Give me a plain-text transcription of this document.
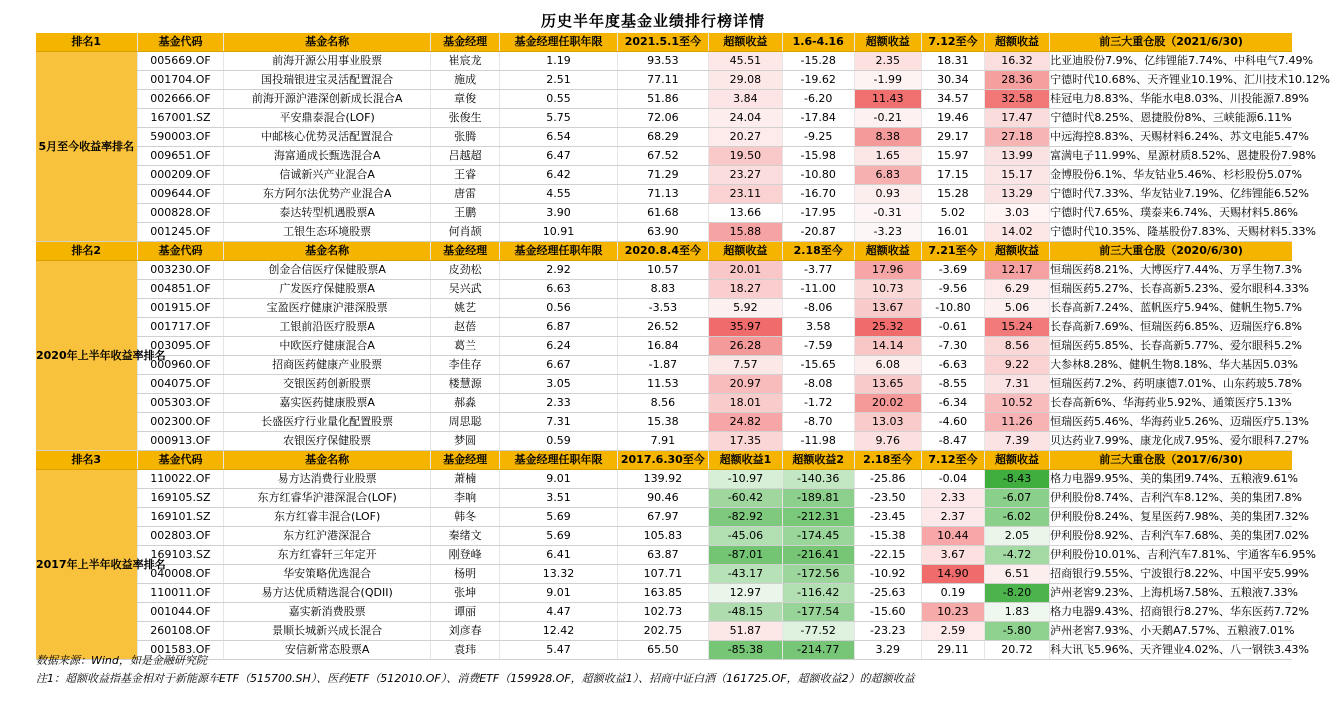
历史半年度基金业绩排行榜详情
排名1	基金代码	基金名称	基金经理	基金经理任职年限	2021.5.1至今	超额收益	1.6-4.16	超额收益	7.12至今	超额收益	前三大重仓股（2021/6/30)
5月至今收益率排名	005669.OF	前海开源公用事业股票	崔宸龙	1.19	93.53	45.51	-15.28	2.35	18.31	16.32	比亚迪股份7.9%、亿纬锂能7.74%、中科电气7.49%
	001704.OF	国投瑞银进宝灵活配置混合	施成	2.51	77.11	29.08	-19.62	-1.99	30.34	28.36	宁德时代10.68%、天齐锂业10.19%、汇川技术10.12%
	002666.OF	前海开源沪港深创新成长混合A	章俊	0.55	51.86	3.84	-6.20	11.43	34.57	32.58	桂冠电力8.83%、华能水电8.03%、川投能源7.89%
	167001.SZ	平安鼎泰混合(LOF)	张俊生	5.75	72.06	24.04	-17.84	-0.21	19.46	17.47	宁德时代8.25%、恩捷股份8%、三峡能源6.11%
	590003.OF	中邮核心优势灵活配置混合	张腾	6.54	68.29	20.27	-9.25	8.38	29.17	27.18	中远海控8.83%、天赐材料6.24%、苏文电能5.47%
	009651.OF	海富通成长甄选混合A	吕越超	6.47	67.52	19.50	-15.98	1.65	15.97	13.99	富满电子11.99%、星源材质8.52%、恩捷股份7.98%
	000209.OF	信诚新兴产业混合A	王睿	6.42	71.29	23.27	-10.80	6.83	17.15	15.17	金博股份6.1%、华友钴业5.46%、杉杉股份5.07%
	009644.OF	东方阿尔法优势产业混合A	唐雷	4.55	71.13	23.11	-16.70	0.93	15.28	13.29	宁德时代7.33%、华友钴业7.19%、亿纬锂能6.52%
	000828.OF	泰达转型机遇股票A	王鹏	3.90	61.68	13.66	-17.95	-0.31	5.02	3.03	宁德时代7.65%、璞泰来6.74%、天赐材料5.86%
	001245.OF	工银生态环境股票	何肖颉	10.91	63.90	15.88	-20.87	-3.23	16.01	14.02	宁德时代10.35%、隆基股份7.83%、天赐材料5.33%
排名2	基金代码	基金名称	基金经理	基金经理任职年限	2020.8.4至今	超额收益	2.18至今	超额收益	7.21至今	超额收益	前三大重仓股（2020/6/30)
2020年上半年收益率排名	003230.OF	创金合信医疗保健股票A	皮劲松	2.92	10.57	20.01	-3.77	17.96	-3.69	12.17	恒瑞医药8.21%、大博医疗7.44%、万孚生物7.3%
	004851.OF	广发医疗保健股票A	吴兴武	6.63	8.83	18.27	-11.00	10.73	-9.56	6.29	恒瑞医药5.27%、长春高新5.23%、爱尔眼科4.33%
	001915.OF	宝盈医疗健康沪港深股票	姚艺	0.56	-3.53	5.92	-8.06	13.67	-10.80	5.06	长春高新7.24%、蓝帆医疗5.94%、健帆生物5.7%
	001717.OF	工银前沿医疗股票A	赵蓓	6.87	26.52	35.97	3.58	25.32	-0.61	15.24	长春高新7.69%、恒瑞医药6.85%、迈瑞医疗6.8%
	003095.OF	中欧医疗健康混合A	葛兰	6.24	16.84	26.28	-7.59	14.14	-7.30	8.56	恒瑞医药5.85%、长春高新5.77%、爱尔眼科5.2%
	000960.OF	招商医药健康产业股票	李佳存	6.67	-1.87	7.57	-15.65	6.08	-6.63	9.22	大参林8.28%、健帆生物8.18%、华大基因5.03%
	004075.OF	交银医药创新股票	楼慧源	3.05	11.53	20.97	-8.08	13.65	-8.55	7.31	恒瑞医药7.2%、药明康德7.01%、山东药玻5.78%
	005303.OF	嘉实医药健康股票A	郝淼	2.33	8.56	18.01	-1.72	20.02	-6.34	10.52	长春高新6%、华海药业5.92%、通策医疗5.13%
	002300.OF	长盛医疗行业量化配置股票	周思聪	7.31	15.38	24.82	-8.70	13.03	-4.60	11.26	恒瑞医药5.46%、华海药业5.26%、迈瑞医疗5.13%
	000913.OF	农银医疗保健股票	梦圆	0.59	7.91	17.35	-11.98	9.76	-8.47	7.39	贝达药业7.99%、康龙化成7.95%、爱尔眼科7.27%
排名3	基金代码	基金名称	基金经理	基金经理任职年限	2017.6.30至今	超额收益1	超额收益2	2.18至今	7.12至今	超额收益	前三大重仓股（2017/6/30)
2017年上半年收益率排名	110022.OF	易方达消费行业股票	萧楠	9.01	139.92	-10.97	-140.36	-25.86	-0.04	-8.43	格力电器9.95%、美的集团9.74%、五粮液9.61%
	169105.SZ	东方红睿华沪港深混合(LOF)	李响	3.51	90.46	-60.42	-189.81	-23.50	2.33	-6.07	伊利股份8.74%、吉利汽车8.12%、美的集团7.8%
	169101.SZ	东方红睿丰混合(LOF)	韩冬	5.69	67.97	-82.92	-212.31	-23.45	2.37	-6.02	伊利股份8.24%、复星医药7.98%、美的集团7.32%
	002803.OF	东方红沪港深混合	秦绪文	5.69	105.83	-45.06	-174.45	-15.38	10.44	2.05	伊利股份8.92%、吉利汽车7.68%、美的集团7.02%
	169103.SZ	东方红睿轩三年定开	刚登峰	6.41	63.87	-87.01	-216.41	-22.15	3.67	-4.72	伊利股份10.01%、吉利汽车7.81%、宇通客车6.95%
	040008.OF	华安策略优选混合	杨明	13.32	107.71	-43.17	-172.56	-10.92	14.90	6.51	招商银行9.55%、宁波银行8.22%、中国平安5.99%
	110011.OF	易方达优质精选混合(QDII)	张坤	9.01	163.85	12.97	-116.42	-25.63	0.19	-8.20	泸州老窖9.23%、上海机场7.58%、五粮液7.33%
	001044.OF	嘉实新消费股票	谭丽	4.47	102.73	-48.15	-177.54	-15.60	10.23	1.83	格力电器9.43%、招商银行8.27%、华东医药7.72%
	260108.OF	景顺长城新兴成长混合	刘彦春	12.42	202.75	51.87	-77.52	-23.23	2.59	-5.80	泸州老窖7.93%、小天鹅A7.57%、五粮液7.01%
	001583.OF	安信新常态股票A	袁玮	5.47	65.50	-85.38	-214.77	3.29	29.11	20.72	科大讯飞5.96%、天齐锂业4.02%、八一钢铁3.43%
数据来源：Wind，如是金融研究院
注1：超额收益指基金相对于新能源车ETF（515700.SH）、医药ETF（512010.OF）、消费ETF（159928.OF，超额收益1）、招商中证白酒（161725.OF，超额收益2）的超额收益
